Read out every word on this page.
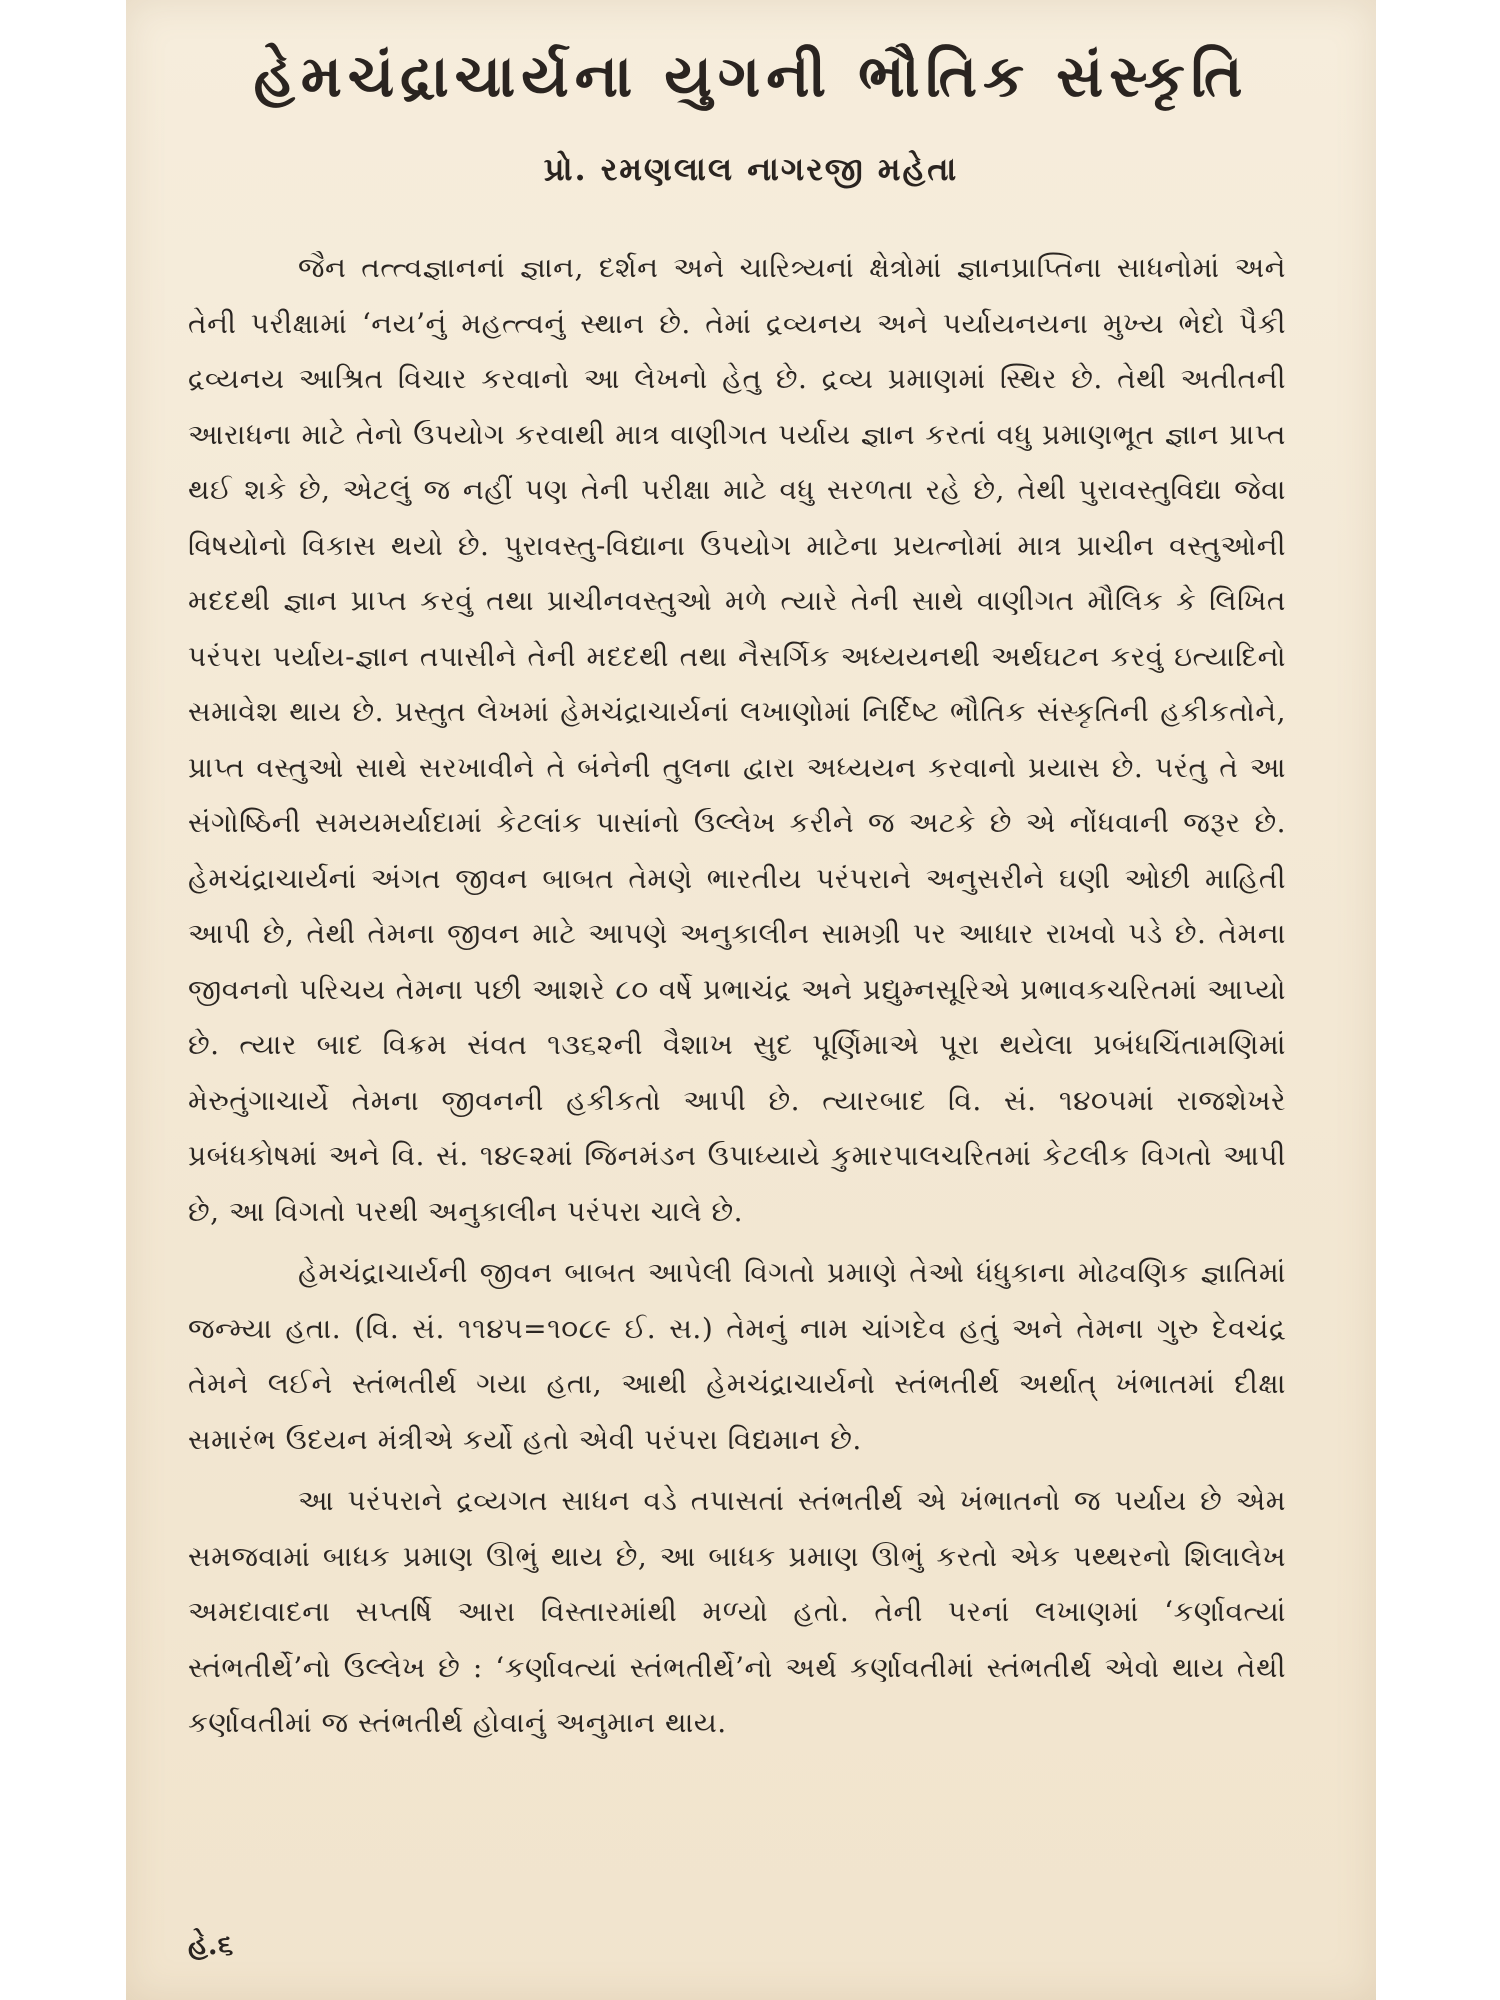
હેમચંદ્રાચાર્યના યુગની ભૌતિક સંસ્કૃતિ
પ્રો. રમણલાલ નાગરજી મહેતા

જૈન તત્ત્વજ્ઞાનનાં જ્ઞાન, દર્શન અને ચારિત્ર્યનાં ક્ષેત્રોમાં જ્ઞાનપ્રાપ્તિના સાધનોમાં અને તેની પરીક્ષામાં ‘નય’નું મહત્ત્વનું સ્થાન છે. તેમાં દ્રવ્યનય અને પર્યાયનયના મુખ્ય ભેદો પૈકી દ્રવ્યનય આશ્રિત વિચાર કરવાનો આ લેખનો હેતુ છે. દ્રવ્ય પ્રમાણમાં સ્થિર છે. તેથી અતીતની આરાધના માટે તેનો ઉપયોગ કરવાથી માત્ર વાણીગત પર્યાય જ્ઞાન કરતાં વધુ પ્રમાણભૂત જ્ઞાન પ્રાપ્ત થઈ શકે છે, એટલું જ નહીં પણ તેની પરીક્ષા માટે વધુ સરળતા રહે છે, તેથી પુરાવસ્તુવિદ્યા જેવા વિષયોનો વિકાસ થયો છે. પુરાવસ્તુ-વિદ્યાના ઉપયોગ માટેના પ્રયત્નોમાં માત્ર પ્રાચીન વસ્તુઓની મદદથી જ્ઞાન પ્રાપ્ત કરવું તથા પ્રાચીનવસ્તુઓ મળે ત્યારે તેની સાથે વાણીગત મૌલિક કે લિખિત પરંપરા પર્યાય-જ્ઞાન તપાસીને તેની મદદથી તથા નૈસર્ગિક અધ્યયનથી અર્થઘટન કરવું ઇત્યાદિનો સમાવેશ થાય છે. પ્રસ્તુત લેખમાં હેમચંદ્રાચાર્યનાં લખાણોમાં નિર્દિષ્ટ ભૌતિક સંસ્કૃતિની હકીકતોને, પ્રાપ્ત વસ્તુઓ સાથે સરખાવીને તે બંનેની તુલના દ્વારા અધ્યયન કરવાનો પ્રયાસ છે. પરંતુ તે આ સંગોષ્ઠિની સમયમર્યાદામાં કેટલાંક પાસાંનો ઉલ્લેખ કરીને જ અટકે છે એ નોંધવાની જરૂર છે. હેમચંદ્રાચાર્યનાં અંગત જીવન બાબત તેમણે ભારતીય પરંપરાને અનુસરીને ઘણી ઓછી માહિતી આપી છે, તેથી તેમના જીવન માટે આપણે અનુકાલીન સામગ્રી પર આધાર રાખવો પડે છે. તેમના જીવનનો પરિચય તેમના પછી આશરે ૮૦ વર્ષે પ્રભાચંદ્ર અને પ્રદ્યુમ્નસૂરિએ પ્રભાવકચરિતમાં આપ્યો છે. ત્યાર બાદ વિક્રમ સંવત ૧૩૬૨ની વૈશાખ સુદ પૂર્ણિમાએ પૂરા થયેલા પ્રબંધચિંતામણિમાં મેરુતુંગાચાર્યે તેમના જીવનની હકીકતો આપી છે. ત્યારબાદ વિ. સં. ૧૪૦૫માં રાજશેખરે પ્રબંધકોષમાં અને વિ. સં. ૧૪૯૨માં જિનમંડન ઉપાધ્યાયે કુમારપાલચરિતમાં કેટલીક વિગતો આપી છે, આ વિગતો પરથી અનુકાલીન પરંપરા ચાલે છે.

હેમચંદ્રાચાર્યની જીવન બાબત આપેલી વિગતો પ્રમાણે તેઓ ધંધુકાના મોઢવણિક જ્ઞાતિમાં જન્મ્યા હતા. (વિ. સં. ૧૧૪૫=૧૦૮૯ ઈ. સ.) તેમનું નામ ચાંગદેવ હતું અને તેમના ગુરુ દેવચંદ્ર તેમને લઈને સ્તંભતીર્થ ગયા હતા, આથી હેમચંદ્રાચાર્યનો સ્તંભતીર્થ અર્થાત્ ખંભાતમાં દીક્ષા સમારંભ ઉદયન મંત્રીએ કર્યો હતો એવી પરંપરા વિદ્યમાન છે.

આ પરંપરાને દ્રવ્યગત સાધન વડે તપાસતાં સ્તંભતીર્થ એ ખંભાતનો જ પર્યાય છે એમ સમજવામાં બાધક પ્રમાણ ઊભું થાય છે, આ બાધક પ્રમાણ ઊભું કરતો એક પથ્થરનો શિલાલેખ અમદાવાદના સપ્તર્ષિ આરા વિસ્તારમાંથી મળ્યો હતો. તેની પરનાં લખાણમાં ‘કર્ણાવત્યાં સ્તંભતીર્થે’નો ઉલ્લેખ છે : ‘કર્ણાવત્યાં સ્તંભતીર્થે’નો અર્થ કર્ણાવતીમાં સ્તંભતીર્થ એવો થાય તેથી કર્ણાવતીમાં જ સ્તંભતીર્થ હોવાનું અનુમાન થાય.

હે.૬
